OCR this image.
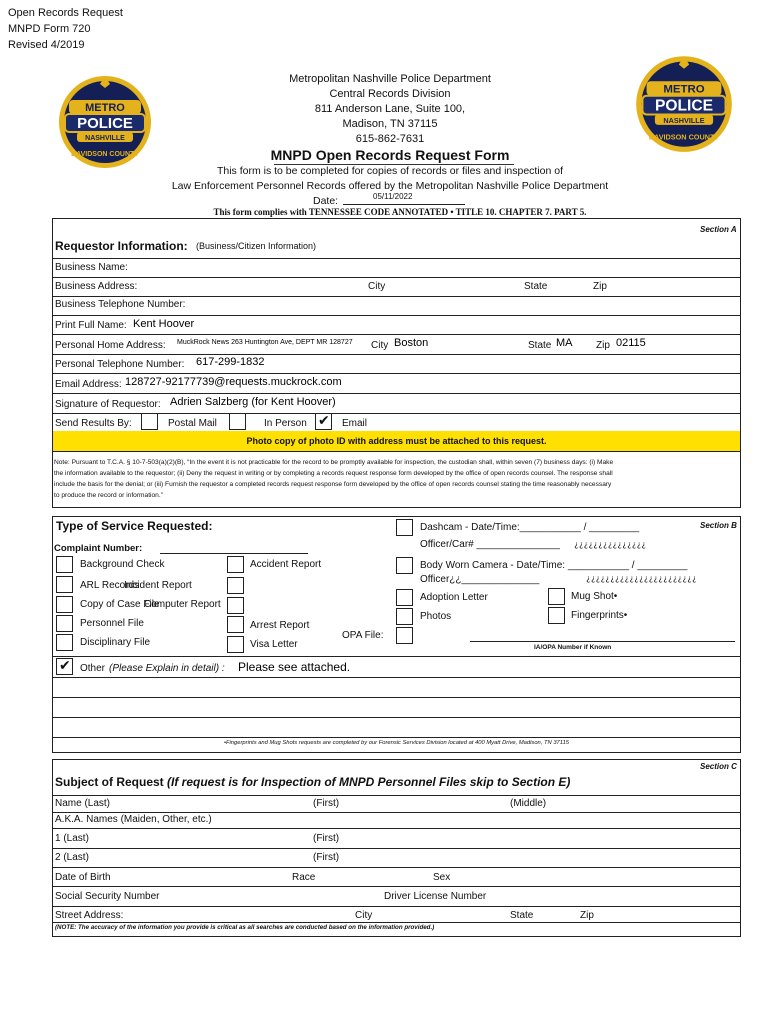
Open Records Request
MNPD Form 720
Revised 4/2019
METRO
POLICE
NASHVILLE
DAVIDSON COUNTY
METRO
POLICE
NASHVILLE
DAVIDSON COUNTY
Metropolitan Nashville Police Department
Central Records Division
811 Anderson Lane, Suite 100,
Madison, TN 37115
615-862-7631
MNPD Open Records Request Form
This form is to be completed for copies of records or files and inspection of
Law Enforcement Personnel Records offered by the Metropolitan Nashville Police Department
Date:	05/11/2022
This form complies with TENNESSEE CODE ANNOTATED • TITLE 10. CHAPTER 7. PART 5.
Section A
Requestor Information: (Business/Citizen Information)
Business Name:
Business Address:	City	State	Zip
Business Telephone Number:
Print Full Name: Kent Hoover
Personal Home Address: MuckRock News 263 Huntington Ave, DEPT MR 128727 City Boston	State MA Zip 02115
Personal Telephone Number: 617-299-1832
Email Address: 128727-92177739@requests.muckrock.com
Signature of Requestor: Adrien Salzberg (for Kent Hoover)
Send Results By:	Postal Mail	In Person
✔	Email
Photo copy of photo ID with address must be attached to this request.
Note: Pursuant to T.C.A. § 10-7-503(a)(2)(B), “In the event it is not practicable for the record to be promptly available for inspection, the custodian shall, within seven (7) business days: (i) Make
the information available to the requestor; (ii) Deny the request in writing or by completing a records request response form developed by the office of open records counsel. The response shall
include the basis for the denial; or (iii) Furnish the requestor a completed records request response form developed by the office of open records counsel stating the time reasonably necessary
to produce the record or information.”
Section B
Type of Service Requested:
Complaint Number:
Background Check
ARL Records
Copy of Case File
Personnel File
Disciplinary File
Accident Report
Incident Report
Computer Report
Arrest Report
Visa Letter
OPA File:
Dashcam - Date/Time:___________ / _________
Officer/Car# _______________ ¿¿¿¿¿¿¿¿¿¿¿¿¿¿¿
Body Worn Camera - Date/Time: ___________ / _________
Officer¿¿______________	¿¿¿¿¿¿¿¿¿¿¿¿¿¿¿¿¿¿¿¿¿¿¿
Adoption Letter
Photos
Mug Shot•
Fingerprints•
IA/OPA Number if Known
✔
Other (Please Explain in detail) : Please see attached.
•Fingerprints and Mug Shots requests are completed by our Forensic Services Division located at 400 Myatt Drive, Madison, TN 37115
Section C
Subject of Request (If request is for Inspection of MNPD Personnel Files skip to Section E)
Name (Last)	(First)	(Middle)
A.K.A. Names (Maiden, Other, etc.)
1 (Last)	(First)
2 (Last)	(First)
Date of Birth	Race	Sex
Social Security Number	Driver License Number
Street Address:	City	State	Zip
(NOTE: The accuracy of the information you provide is critical as all searches are conducted based on the information provided.)
